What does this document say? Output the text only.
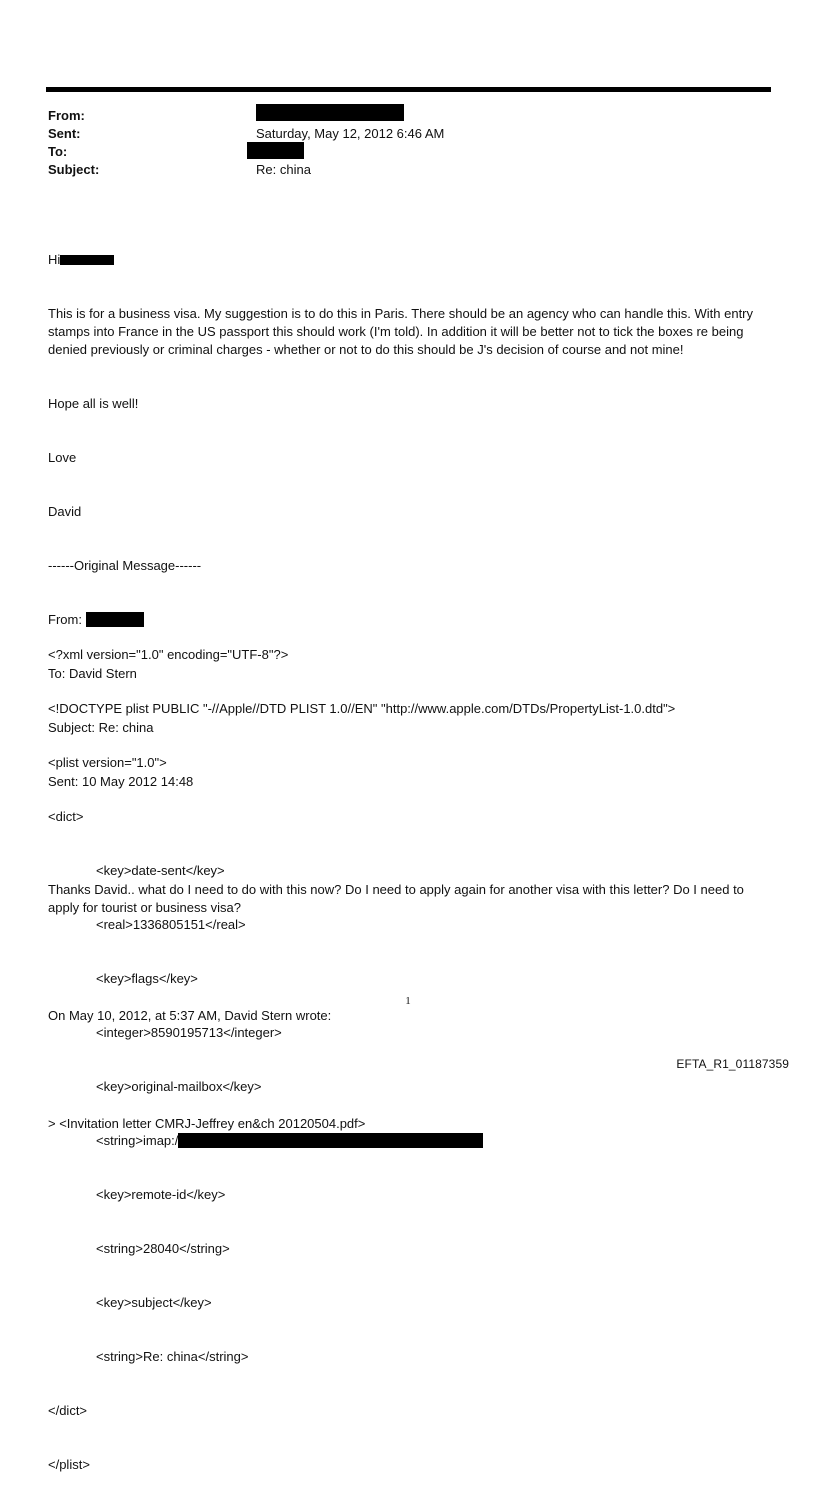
From:
Sent:
To:
Subject:
Saturday, May 12, 2012 6:46 AM
Re: china

Hi

This is for a business visa. My suggestion is to do this in Paris. There should be an agency who can handle this. With entry stamps into France in the US passport this should work (I'm told). In addition it will be better not to tick the boxes re being denied previously or criminal charges - whether or not to do this should be J's decision of course and not mine!

Hope all is well!

Love

David

------Original Message------

From:

To: David Stern

Subject: Re: china

Sent: 10 May 2012 14:48

Thanks David.. what do I need to do with this now? Do I need to apply again for another visa with this letter? Do I need to apply for tourist or business visa?

On May 10, 2012, at 5:37 AM, David Stern wrote:

> <Invitation letter CMRJ-Jeffrey en&ch 20120504.pdf>

<?xml version="1.0" encoding="UTF-8"?>

<!DOCTYPE plist PUBLIC "-//Apple//DTD PLIST 1.0//EN" "http://www.apple.com/DTDs/PropertyList-1.0.dtd">

<plist version="1.0">

<dict>

<key>date-sent</key>

<real>1336805151</real>

<key>flags</key>

<integer>8590195713</integer>

<key>original-mailbox</key>

<string>imap:/

<key>remote-id</key>

<string>28040</string>

<key>subject</key>

<string>Re: china</string>

</dict>

</plist>

1
EFTA_R1_01187359
